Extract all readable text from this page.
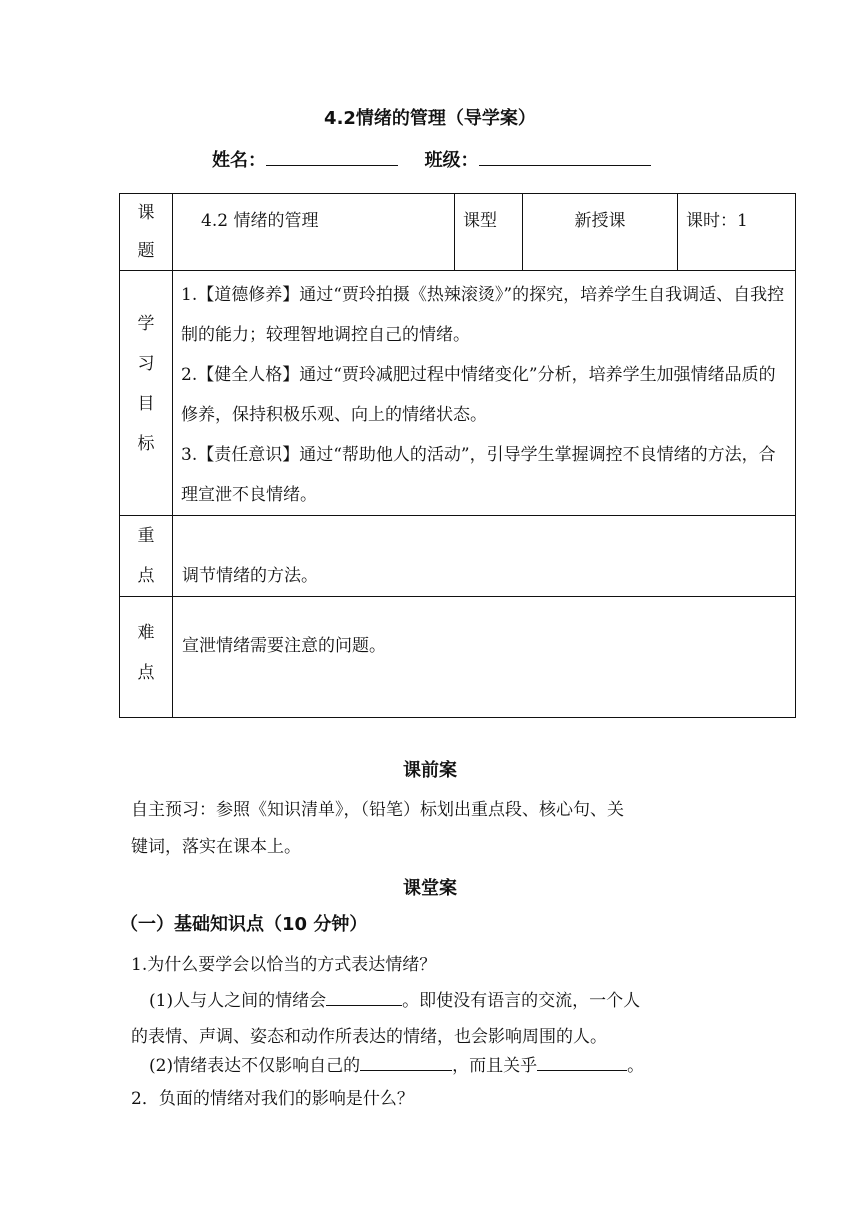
4.2情绪的管理（导学案）
姓名：	班级：
课题	4.2 情绪的管理	课型	新授课	课时：1

学习目标	1.【道德修养】通过“贾玲拍摄《热辣滚烫》”的探究，培养学生自我调适、自我控制的能力；较理智地调控自己的情绪。
2.【健全人格】通过“贾玲减肥过程中情绪变化”分析，培养学生加强情绪品质的修养，保持积极乐观、向上的情绪状态。
3.【责任意识】通过“帮助他人的活动”，引导学生掌握调控不良情绪的方法，合理宣泄不良情绪。			

重点	调节情绪的方法。			

难点	宣泄情绪需要注意的问题。			
课前案
自主预习：参照《知识清单》，（铅笔）标划出重点段、核心句、关
键词，落实在课本上。
课堂案
（一）基础知识点（10 分钟）
1.为什么要学会以恰当的方式表达情绪？
(1)人与人之间的情绪会	。即使没有语言的交流，一个人
的表情、声调、姿态和动作所表达的情绪，也会影响周围的人。
(2)情绪表达不仅影响自己的	，而且关乎	。
2．负面的情绪对我们的影响是什么？
